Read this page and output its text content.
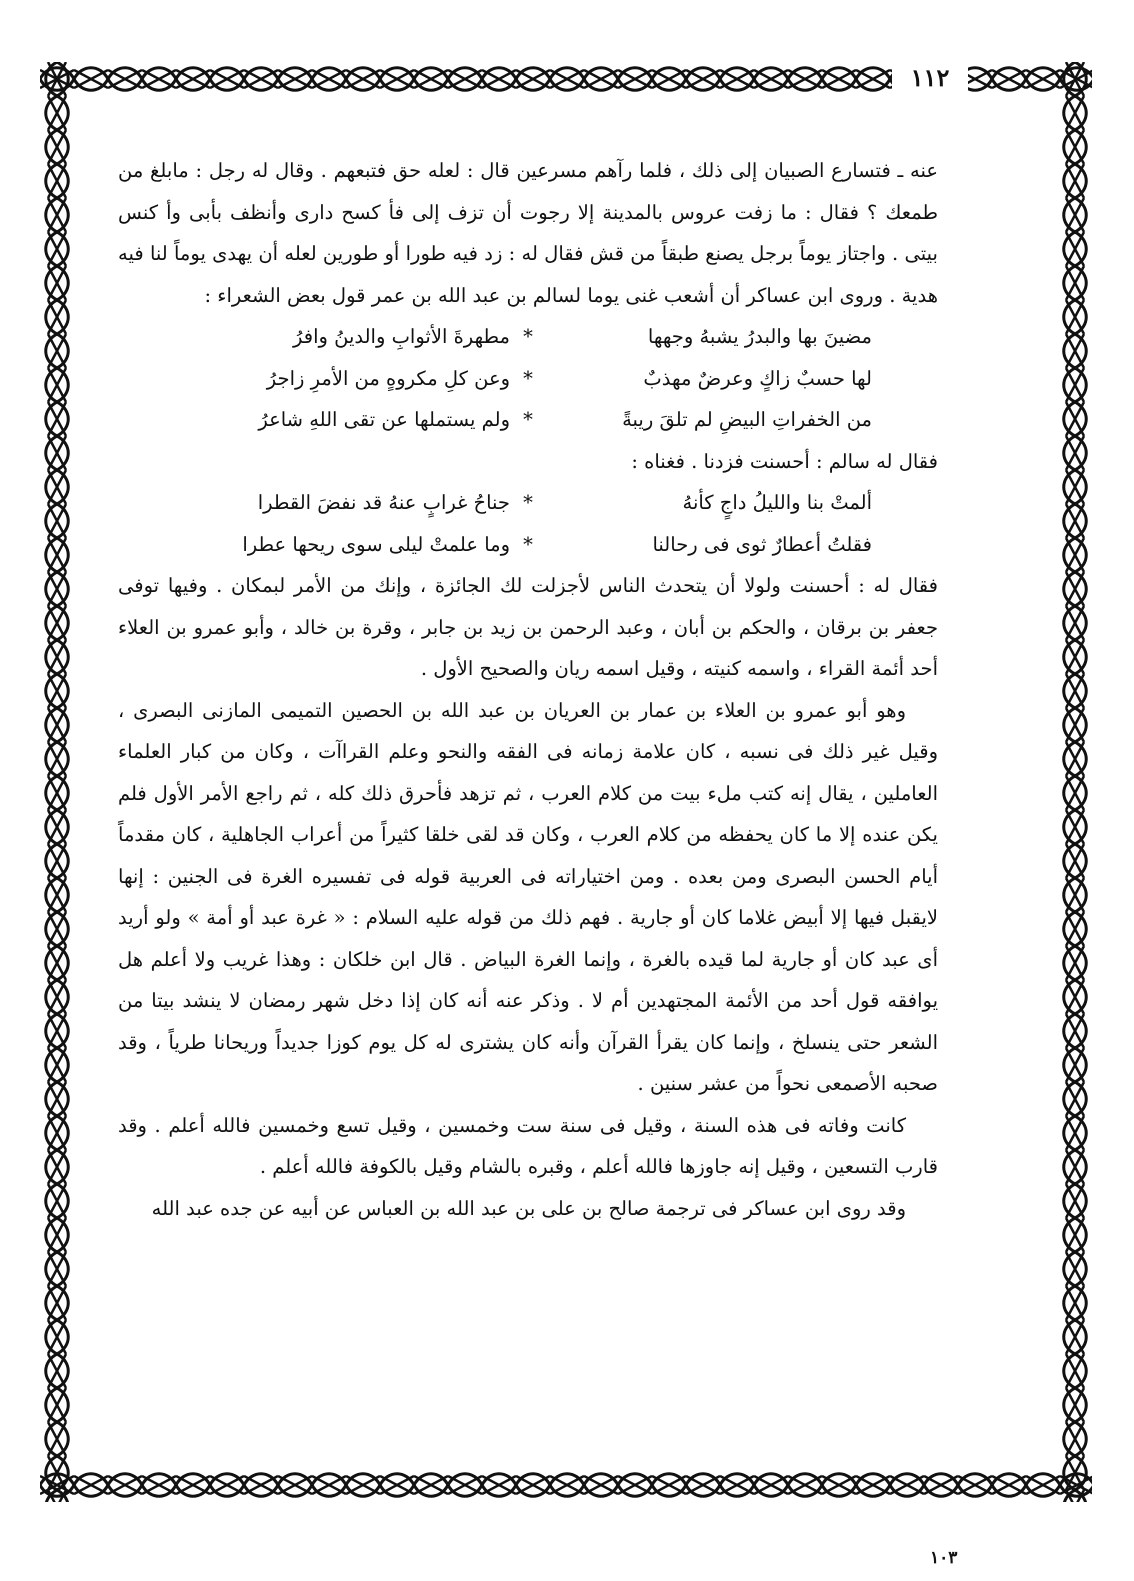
١١٢

عنه ـ فتسارع الصبيان إلى ذلك ، فلما رآهم مسرعين قال : لعله حق فتبعهم . وقال له رجل : مابلغ من طمعك ؟ فقال : ما زفت عروس بالمدينة إلا رجوت أن تزف إلى فأ كسح دارى وأنظف بأبى وأ كنس بيتى . واجتاز يوماً برجل يصنع طبقاً من قش فقال له : زد فيه طورا أو طورين لعله أن يهدى يوماً لنا فيه هدية . وروى ابن عساكر أن أشعب غنى يوما لسالم بن عبد الله بن عمر قول بعض الشعراء :

مضينَ بها والبدرُ يشبهُ وجهها
*
مطهرةَ الأثوابِ والدينُ وافرُ
لها حسبٌ زاكٍ وعرضٌ مهذبٌ
*
وعن كلِ مكروهٍ من الأمرِ زاجرُ
من الخفراتِ البيضِ لم تلقَ ريبةً
*
ولم يستملها عن تقى اللهِ شاعرُ

فقال له سالم : أحسنت فزدنا . فغناه :

ألمتْ بنا والليلُ داجٍ كأنهُ
*
جناحُ غرابٍ عنهُ قد نفضَ القطرا
فقلتُ أعطارٌ ثوى فى رحالنا
*
وما علمتْ ليلى سوى ريحها عطرا

فقال له : أحسنت ولولا أن يتحدث الناس لأجزلت لك الجائزة ، وإنك من الأمر لبمكان . وفيها توفى جعفر بن برقان ، والحكم بن أبان ، وعبد الرحمن بن زيد بن جابر ، وقرة بن خالد ، وأبو عمرو بن العلاء أحد أئمة القراء ، واسمه كنيته ، وقيل اسمه ريان والصحيح الأول .

وهو أبو عمرو بن العلاء بن عمار بن العريان بن عبد الله بن الحصين التميمى المازنى البصرى ، وقيل غير ذلك فى نسبه ، كان علامة زمانه فى الفقه والنحو وعلم القراآت ، وكان من كبار العلماء العاملين ، يقال إنه كتب ملء بيت من كلام العرب ، ثم تزهد فأحرق ذلك كله ، ثم راجع الأمر الأول فلم يكن عنده إلا ما كان يحفظه من كلام العرب ، وكان قد لقى خلقا كثيراً من أعراب الجاهلية ، كان مقدماً أيام الحسن البصرى ومن بعده . ومن اختياراته فى العربية قوله فى تفسيره الغرة فى الجنين : إنها لايقبل فيها إلا أبيض غلاما كان أو جارية . فهم ذلك من قوله عليه السلام : « غرة عبد أو أمة » ولو أريد أى عبد كان أو جارية لما قيده بالغرة ، وإنما الغرة البياض . قال ابن خلكان : وهذا غريب ولا أعلم هل يوافقه قول أحد من الأئمة المجتهدين أم لا . وذكر عنه أنه كان إذا دخل شهر رمضان لا ينشد بيتا من الشعر حتى ينسلخ ، وإنما كان يقرأ القرآن وأنه كان يشترى له كل يوم كوزا جديداً وريحانا طرياً ، وقد صحبه الأصمعى نحواً من عشر سنين .

كانت وفاته فى هذه السنة ، وقيل فى سنة ست وخمسين ، وقيل تسع وخمسين فالله أعلم . وقد قارب التسعين ، وقيل إنه جاوزها فالله أعلم ، وقبره بالشام وقيل بالكوفة فالله أعلم .

وقد روى ابن عساكر فى ترجمة صالح بن على بن عبد الله بن العباس عن أبيه عن جده عبد الله

١٠٣
